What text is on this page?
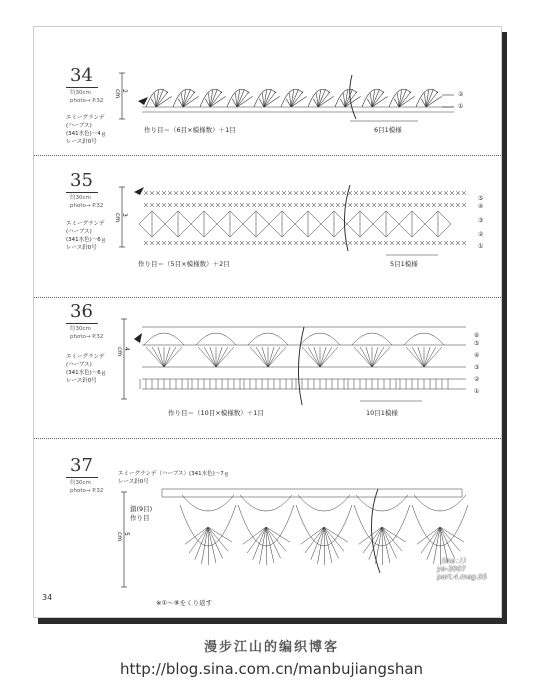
34
約30cm
photo→ P.32
エミーグランデ
(ハーブス)
(341水色)～4ｇ
レース針0号
2 cm
作り目＝（6目×模様数）＋1目	6目1模様
②
①
35
約30cm
photo→ P.32
エミーグランデ
(ハーブス)
(341水色)～6ｇ
レース針0号
3 cm
作り目＝（5目×模様数）＋2目	5目1模様
⑤
④
③
②
①
36
約30cm
photo→ P.32
エミーグランデ
(ハーブス)
(341水色)～6ｇ
レース針0号
4 cm
作り目＝（10目×模様数）＋1目	10目1模様
⑥
⑤
④
③
②
①
37
約30cm
photo→ P.32
エミーグランデ（ハーブス）(341水色)～7ｇ
レース針0号
5 cm
鎖(9目)作り目
※①～⑧をくり返す
（ma：））
ya-2007
part.4.mag.05
34
漫步江山的编织博客
http://blog.sina.com.cn/manbujiangshan
